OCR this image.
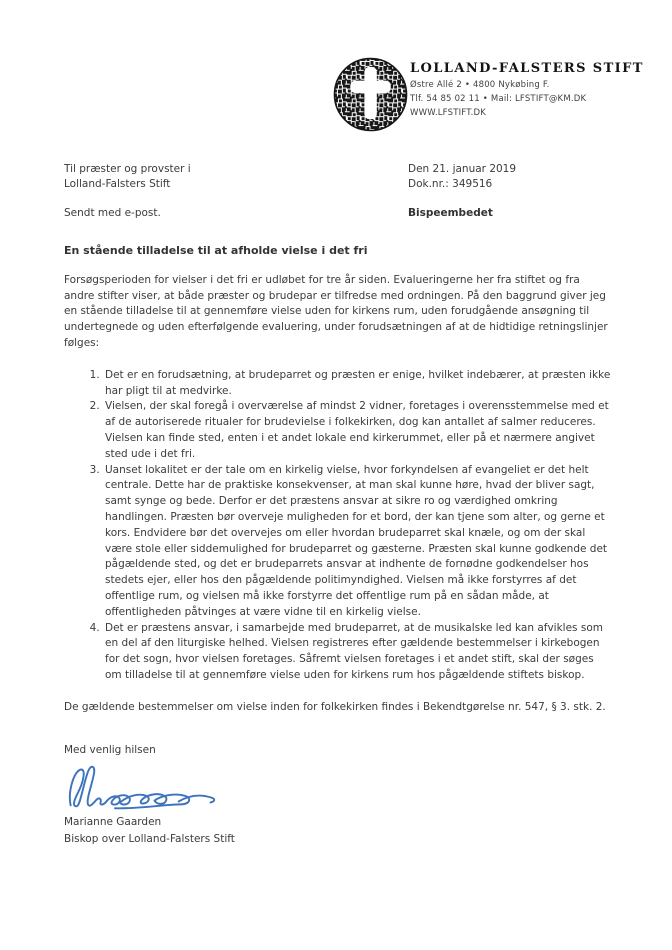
LOLLAND-FALSTERS STIFT
Østre Allé 2 • 4800 Nykøbing F.
Tlf. 54 85 02 11 • Mail: LFSTIFT@KM.DK
WWW.LFSTIFT.DK
Til præster og provster i
Lolland-Falsters Stift
Sendt med e-post.
Den 21. januar 2019
Dok.nr.: 349516
Bispeembedet

En stående tilladelse til at afholde vielse i det fri

Forsøgsperioden for vielser i det fri er udløbet for tre år siden. Evalueringerne her fra stiftet og fra andre stifter viser, at både præster og brudepar er tilfredse med ordningen. På den baggrund giver jeg en stående tilladelse til at gennemføre vielse uden for kirkens rum, uden forudgående ansøgning til undertegnede og uden efterfølgende evaluering, under forudsætningen af at de hidtidige retningslinjer følges:

1. Det er en forudsætning, at brudeparret og præsten er enige, hvilket indebærer, at præsten ikke har pligt til at medvirke.
2. Vielsen, der skal foregå i overværelse af mindst 2 vidner, foretages i overensstemmelse med et af de autoriserede ritualer for brudevielse i folkekirken, dog kan antallet af salmer reduceres. Vielsen kan finde sted, enten i et andet lokale end kirkerummet, eller på et nærmere angivet sted ude i det fri.
3. Uanset lokalitet er der tale om en kirkelig vielse, hvor forkyndelsen af evangeliet er det helt centrale. Dette har de praktiske konsekvenser, at man skal kunne høre, hvad der bliver sagt, samt synge og bede. Derfor er det præstens ansvar at sikre ro og værdighed omkring handlingen. Præsten bør overveje muligheden for et bord, der kan tjene som alter, og gerne et kors. Endvidere bør det overvejes om eller hvordan brudeparret skal knæle, og om der skal være stole eller siddemulighed for brudeparret og gæsterne. Præsten skal kunne godkende det pågældende sted, og det er brudeparrets ansvar at indhente de fornødne godkendelser hos stedets ejer, eller hos den pågældende politimyndighed. Vielsen må ikke forstyrres af det offentlige rum, og vielsen må ikke forstyrre det offentlige rum på en sådan måde, at offentligheden påtvinges at være vidne til en kirkelig vielse.
4. Det er præstens ansvar, i samarbejde med brudeparret, at de musikalske led kan afvikles som en del af den liturgiske helhed. Vielsen registreres efter gældende bestemmelser i kirkebogen for det sogn, hvor vielsen foretages. Såfremt vielsen foretages i et andet stift, skal der søges om tilladelse til at gennemføre vielse uden for kirkens rum hos pågældende stiftets biskop.

De gældende bestemmelser om vielse inden for folkekirken findes i Bekendtgørelse nr. 547, § 3. stk. 2.

Med venlig hilsen

Marianne Gaarden
Biskop over Lolland-Falsters Stift
